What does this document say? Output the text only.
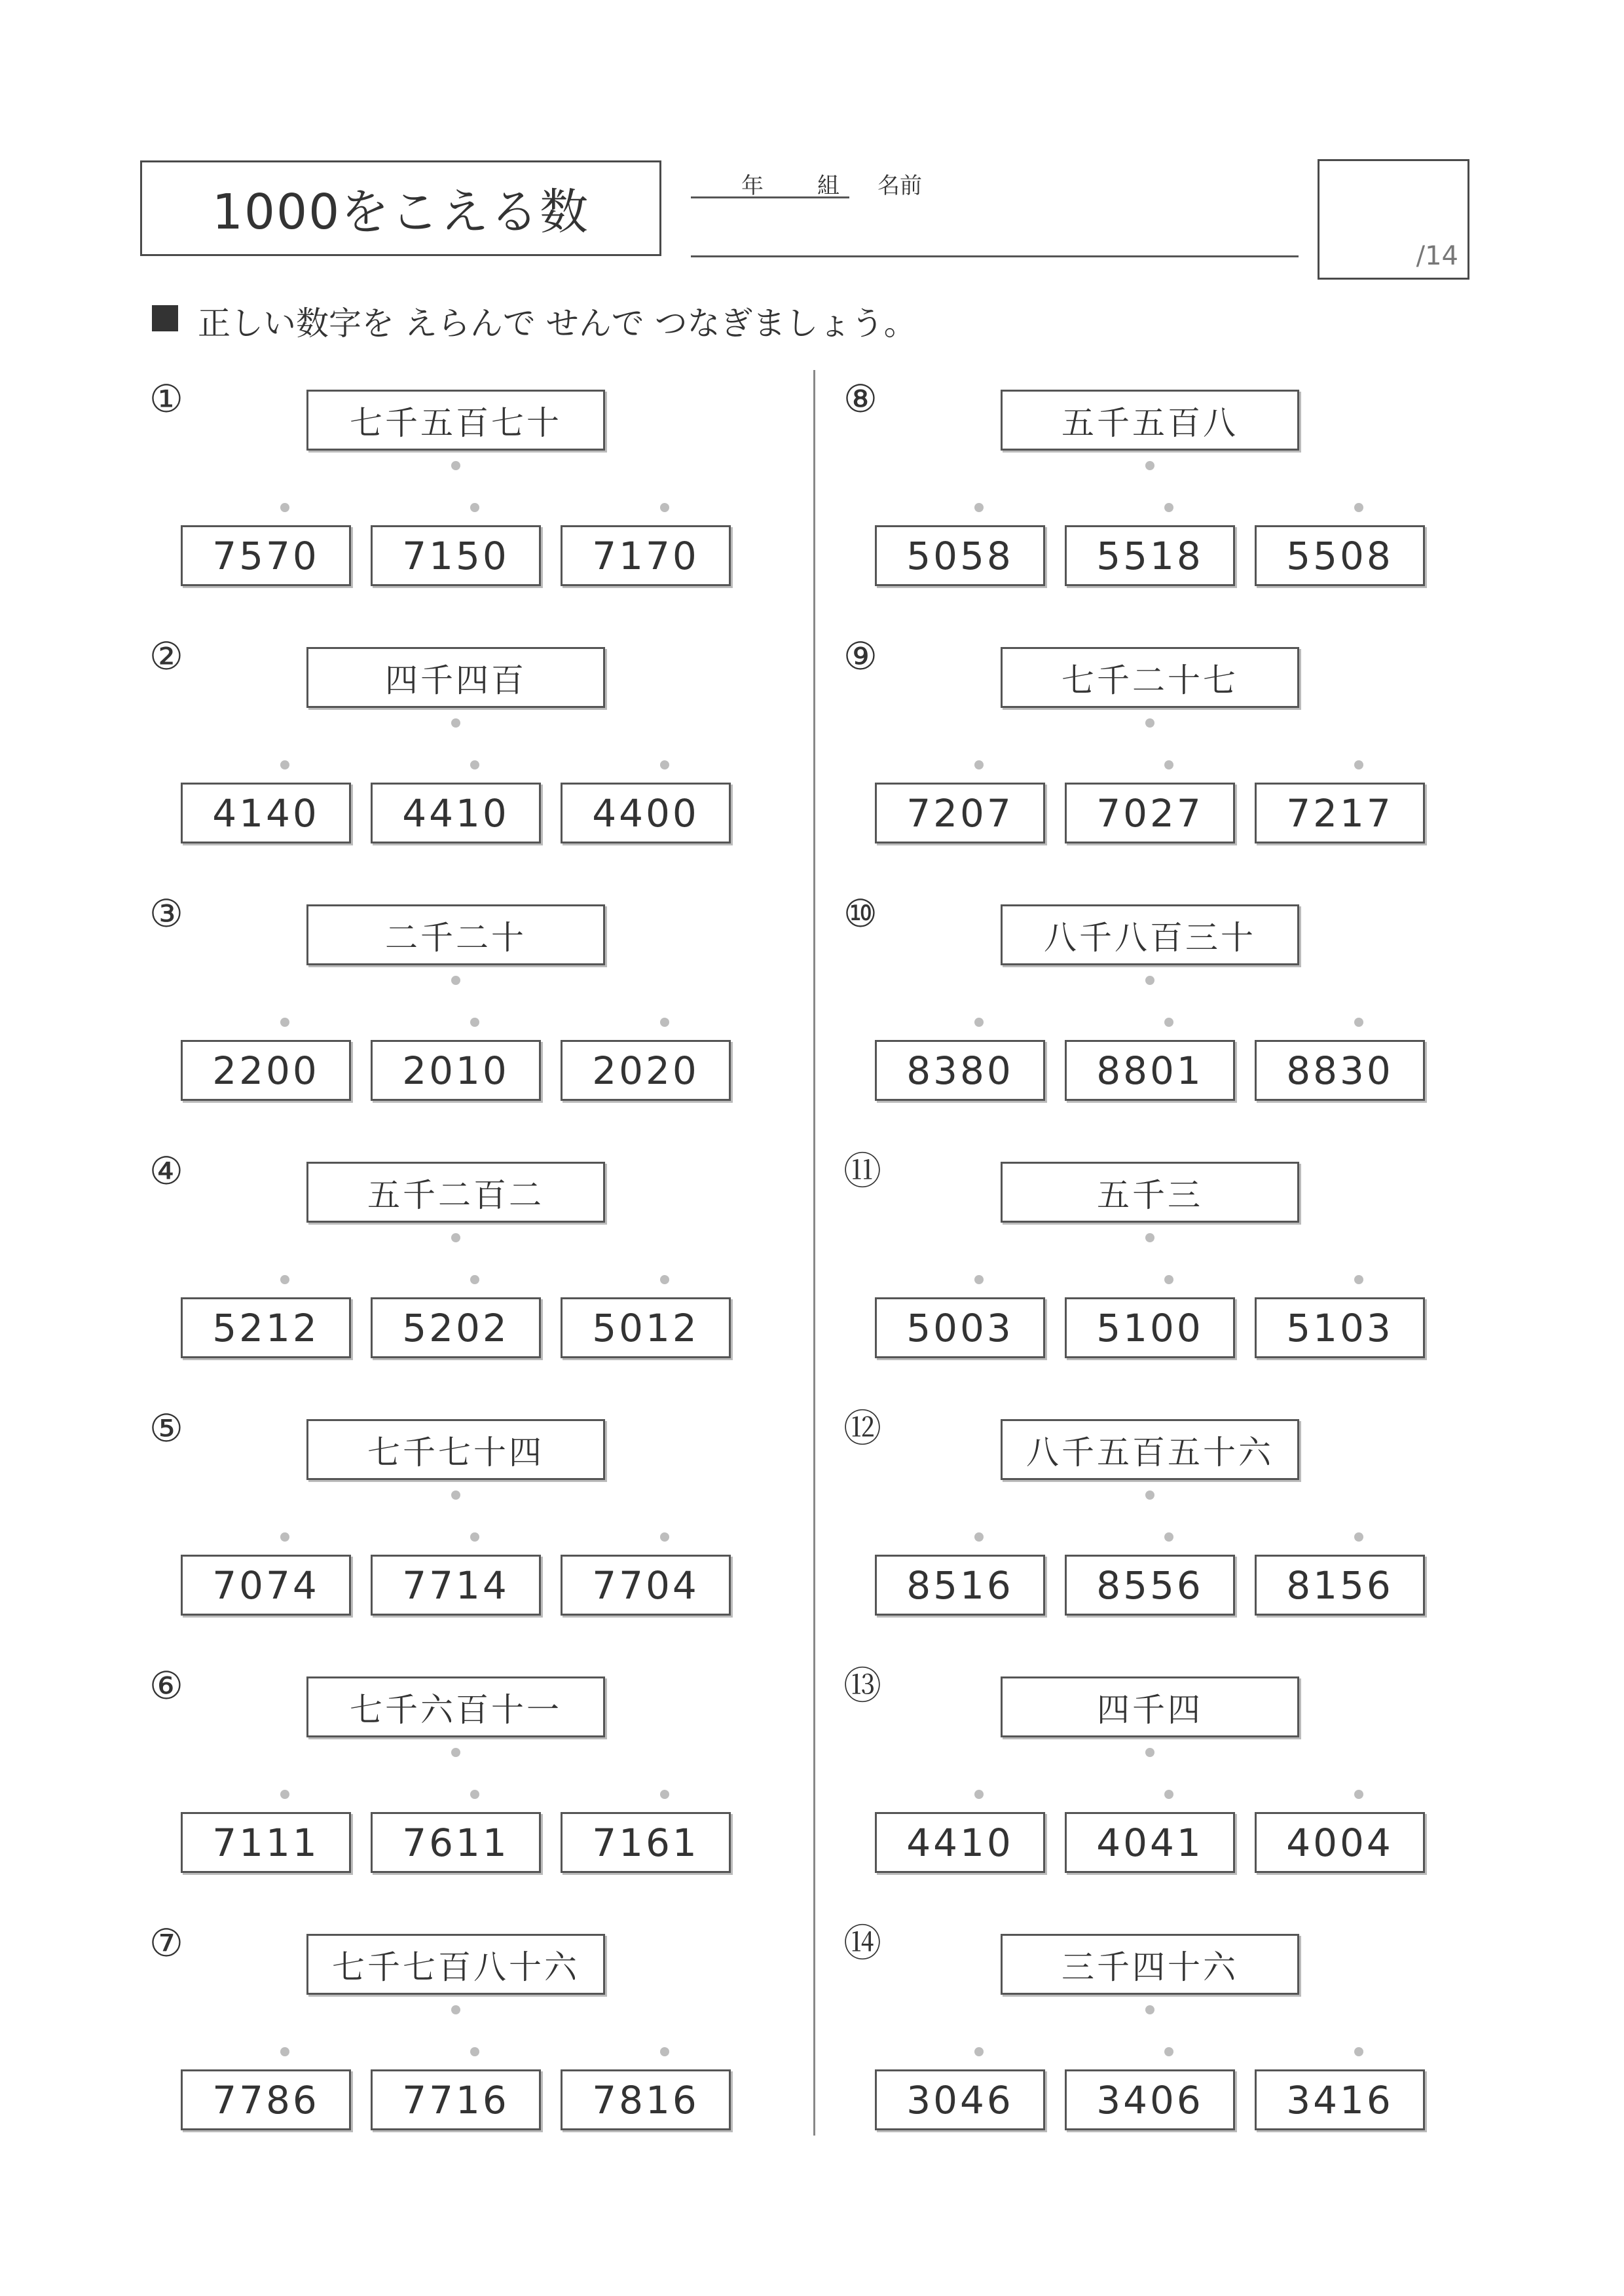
1000をこえる数	年 組 名前
/14
正しい数字を えらんで せんで つなぎましょう。
①
七千五百七十
7570	7150	7170
②
四千四百
4140	4410	4400
③
二千二十
2200	2010	2020
④
五千二百二
5212	5202	5012
⑤
七千七十四
7074	7714	7704
⑥
七千六百十一
7111	7611	7161
⑦
七千七百八十六
7786	7716	7816
⑧
五千五百八
5058	5518	5508
⑨
七千二十七
7207	7027	7217
⑩
八千八百三十
8380	8801	8830
⑪
五千三
5003	5100	5103
⑫
八千五百五十六
8516	8556	8156
⑬
四千四
4410	4041	4004
⑭
三千四十六
3046	3406	3416
